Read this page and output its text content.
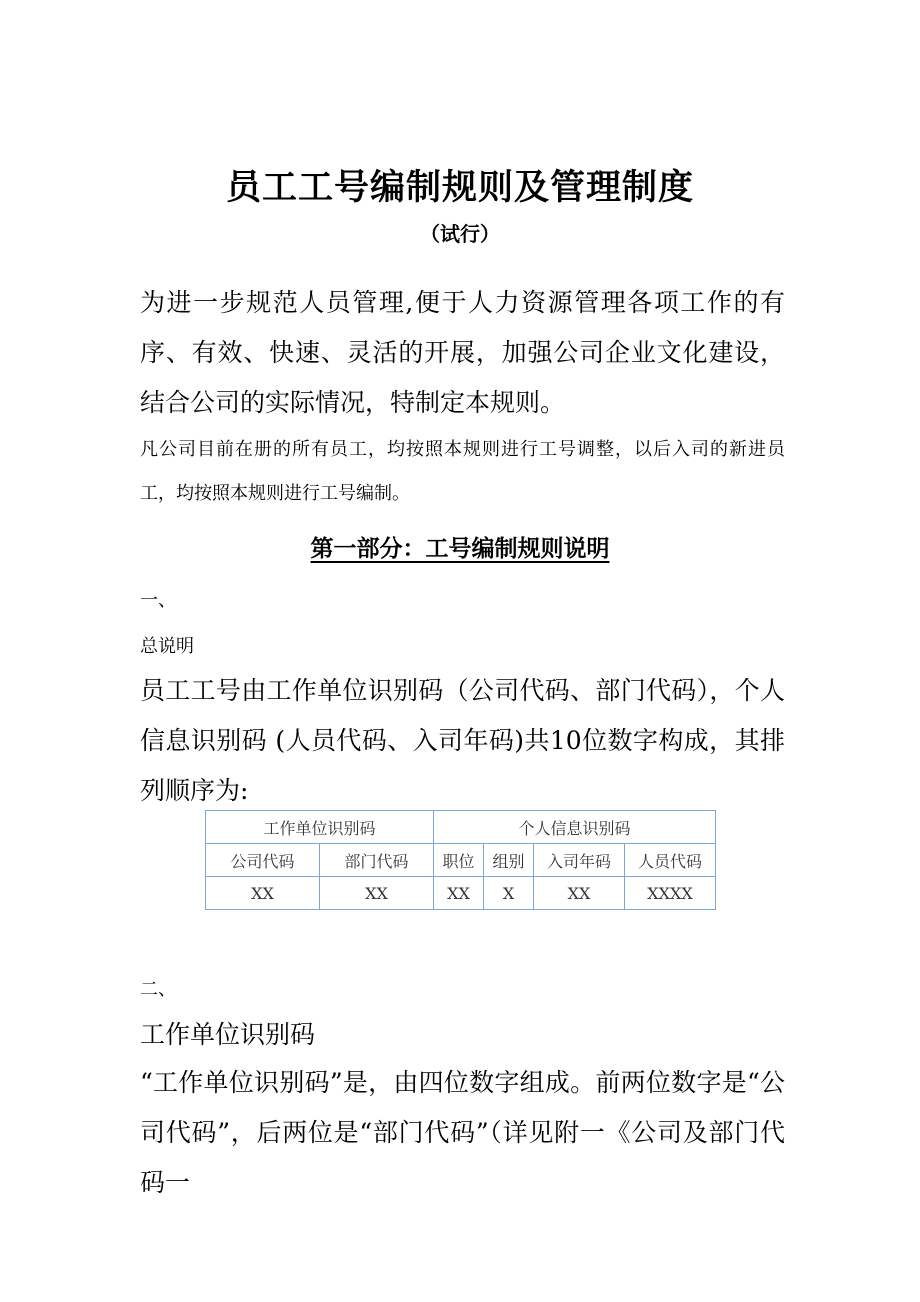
员工工号编制规则及管理制度
（试行）

为进一步规范人员管理,便于人力资源管理各项工作的有序、有效、快速、灵活的开展，加强公司企业文化建设，结合公司的实际情况，特制定本规则。

凡公司目前在册的所有员工，均按照本规则进行工号调整，以后入司的新进员工，均按照本规则进行工号编制。

第一部分：工号编制规则说明
一、
总说明

员工工号由工作单位识别码（公司代码、部门代码），个人信息识别码 (人员代码、入司年码)共10位数字构成，其排列顺序为:

工作单位识别码		个人信息识别码			
公司代码	部门代码	职位	组别	入司年码	人员代码
XX	XX	XX	X	XX	XXXX
二、
工作单位识别码

“工作单位识别码”是，由四位数字组成。前两位数字是“公司代码”，后两位是“部门代码”（详见附一《公司及部门代码一
